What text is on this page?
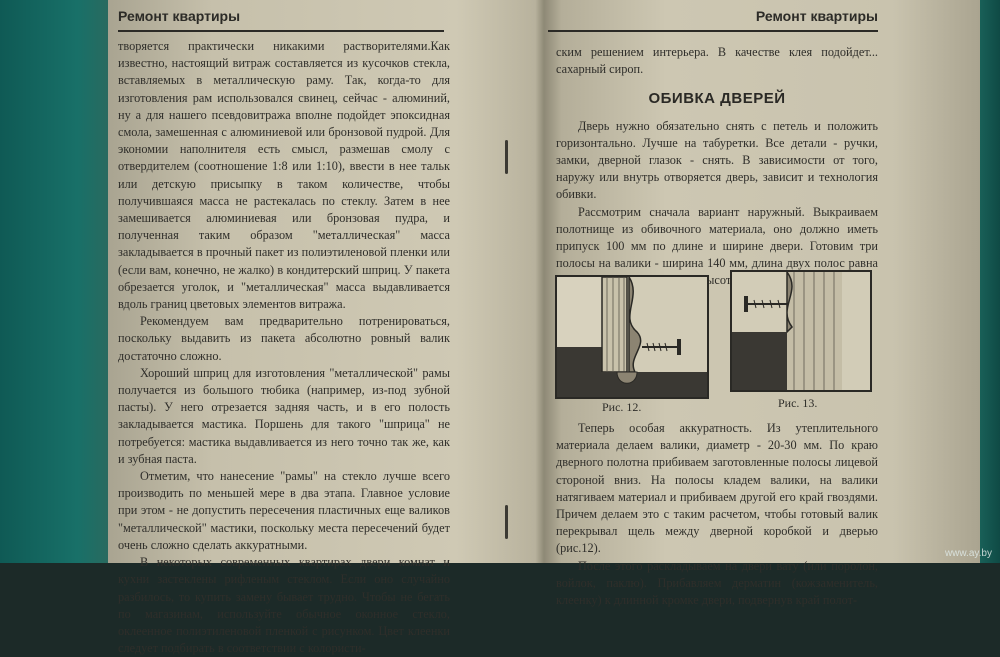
Ремонт квартиры

творяется практически никакими растворителями.Как известно, настоящий витраж составляется из кусочков стекла, вставляемых в металлическую раму. Так, когда-то для изготовления рам использовался свинец, сейчас - алюминий, ну а для нашего псевдовитража вполне подойдет эпоксидная смола, замешенная с алюминиевой или бронзовой пудрой. Для экономии наполнителя есть смысл, размешав смолу с отвердителем (соотношение 1:8 или 1:10), ввести в нее тальк или детскую присыпку в таком количестве, чтобы получившаяся масса не растекалась по стеклу. Затем в нее замешивается алюминиевая или бронзовая пудра, и полученная таким образом "металлическая" масса закладывается в прочный пакет из полиэтиленовой пленки или (если вам, конечно, не жалко) в кондитерский шприц. У пакета обрезается уголок, и "металлическая" масса выдавливается вдоль границ цветовых элементов витража.

Рекомендуем вам предварительно потренироваться, поскольку выдавить из пакета абсолютно ровный валик достаточно сложно.

Хороший шприц для изготовления "металлической" рамы получается из большого тюбика (например, из-под зубной пасты). У него отрезается задняя часть, и в его полость закладывается мастика. Поршень для такого "шприца" не потребуется: мастика выдавливается из него точно так же, как и зубная паста.

Отметим, что нанесение "рамы" на стекло лучше всего производить по меньшей мере в два этапа. Главное условие при этом - не допустить пересечения пластичных еще валиков "металлической" мастики, поскольку места пересечений будет очень сложно сделать аккуратными.

В некоторых современных квартирах двери комнат и кухни застеклены рифленым стеклом. Если оно случайно разбилось, то купить замену бывает трудно. Чтобы не бегать по магазинам, используйте обычное оконное стекло, оклеенное полиэтиленовой пленкой с рисунком. Цвет клеенки следует подбирать в соответствии с колористи-

Ремонт квартиры

ским решением интерьера. В качестве клея подойдет... сахарный сироп.

ОБИВКА ДВЕРЕЙ

Дверь нужно обязательно снять с петель и положить горизонтально. Лучше на табуретки. Все детали - ручки, замки, дверной глазок - снять. В зависимости от того, наружу или внутрь отворяется дверь, зависит и технология обивки.

Рассмотрим сначала вариант наружный. Выкраиваем полотнище из обивочного материала, оно должно иметь припуск 100 мм по длине и ширине двери. Готовим три полосы на валики - ширина 140 мм, длина двух полос равна высоте.

Рис. 12.	Рис. 13.

Теперь особая аккуратность. Из утеплительного материала делаем валики, диаметр - 20-30 мм. По краю дверного полотна прибиваем заготовленные полосы лицевой стороной вниз. На полосы кладем валики, на валики натягиваем материал и прибиваем другой его край гвоздями. Причем делаем это с таким расчетом, чтобы готовый валик перекрывал щель между дверной коробкой и дверью (рис.12).

После этого раскладываем на двери вату (или поролон, войлок, паклю). Прибавляем дерматин (кожзаменитель, клеенку) к длинной кромке двери, подвернув край полот-

www.ay.by
